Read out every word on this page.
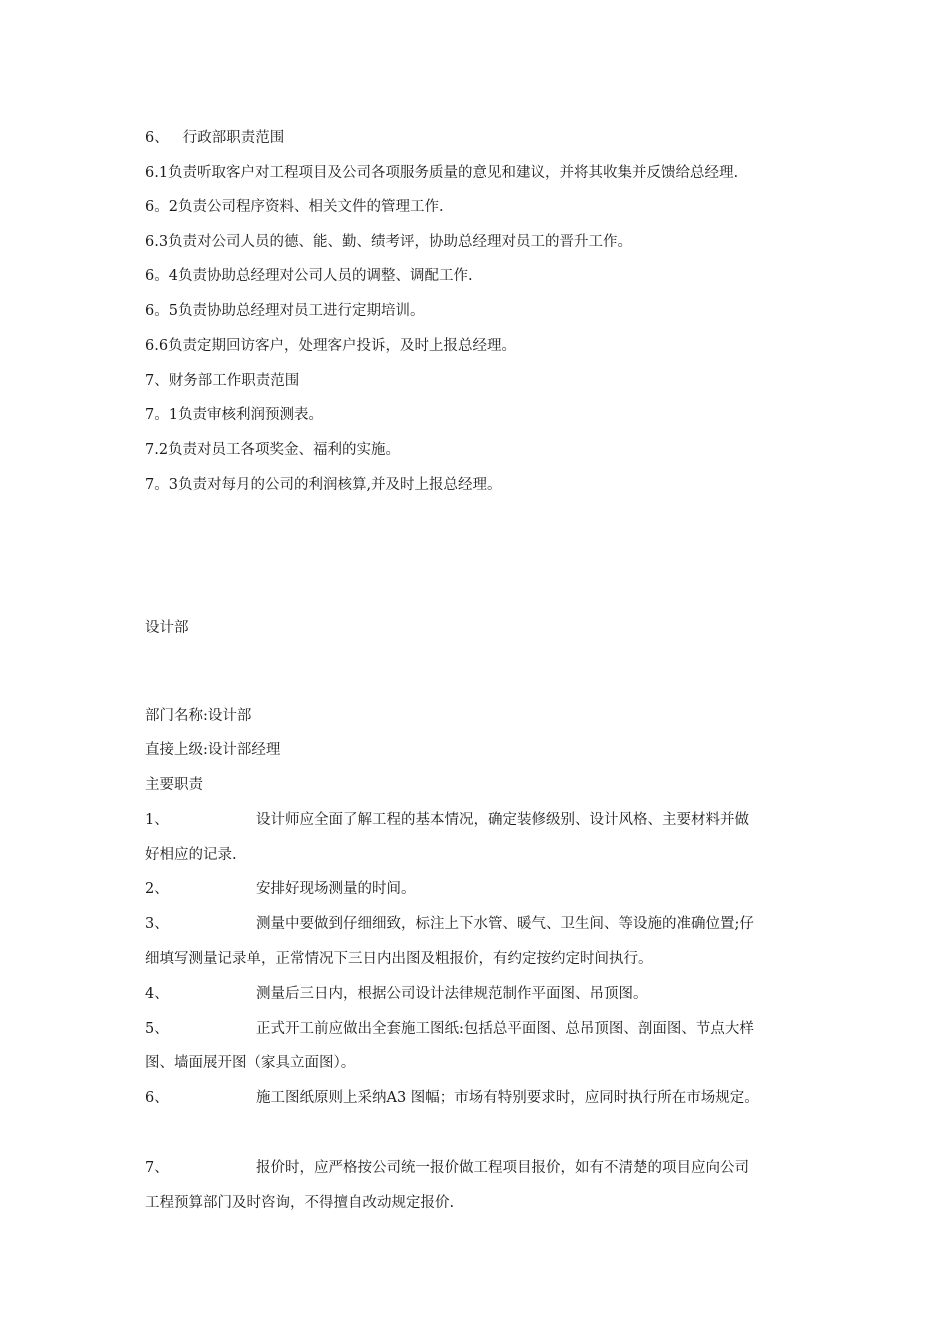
6、 行政部职责范围
6.1负责听取客户对工程项目及公司各项服务质量的意见和建议，并将其收集并反馈给总经理.
6。2负责公司程序资料、相关文件的管理工作.
6.3负责对公司人员的德、能、勤、绩考评，协助总经理对员工的晋升工作。
6。4负责协助总经理对公司人员的调整、调配工作.
6。5负责协助总经理对员工进行定期培训。
6.6负责定期回访客户，处理客户投诉，及时上报总经理。
7、财务部工作职责范围
7。1负责审核利润预测表。
7.2负责对员工各项奖金、福利的实施。
7。3负责对每月的公司的利润核算,并及时上报总经理。
设计部
部门名称:设计部
直接上级:设计部经理
主要职责
1、	设计师应全面了解工程的基本情况，确定装修级别、设计风格、主要材料并做
好相应的记录.
2、	安排好现场测量的时间。
3、	测量中要做到仔细细致，标注上下水管、暖气、卫生间、等设施的准确位置;仔
细填写测量记录单，正常情况下三日内出图及粗报价，有约定按约定时间执行。
4、	测量后三日内，根据公司设计法律规范制作平面图、吊顶图。
5、	正式开工前应做出全套施工图纸:包括总平面图、总吊顶图、剖面图、节点大样
图、墙面展开图（家具立面图）。
6、	施工图纸原则上采纳A3 图幅；市场有特别要求时，应同时执行所在市场规定。
7、	报价时，应严格按公司统一报价做工程项目报价，如有不清楚的项目应向公司
工程预算部门及时咨询，不得擅自改动规定报价.
